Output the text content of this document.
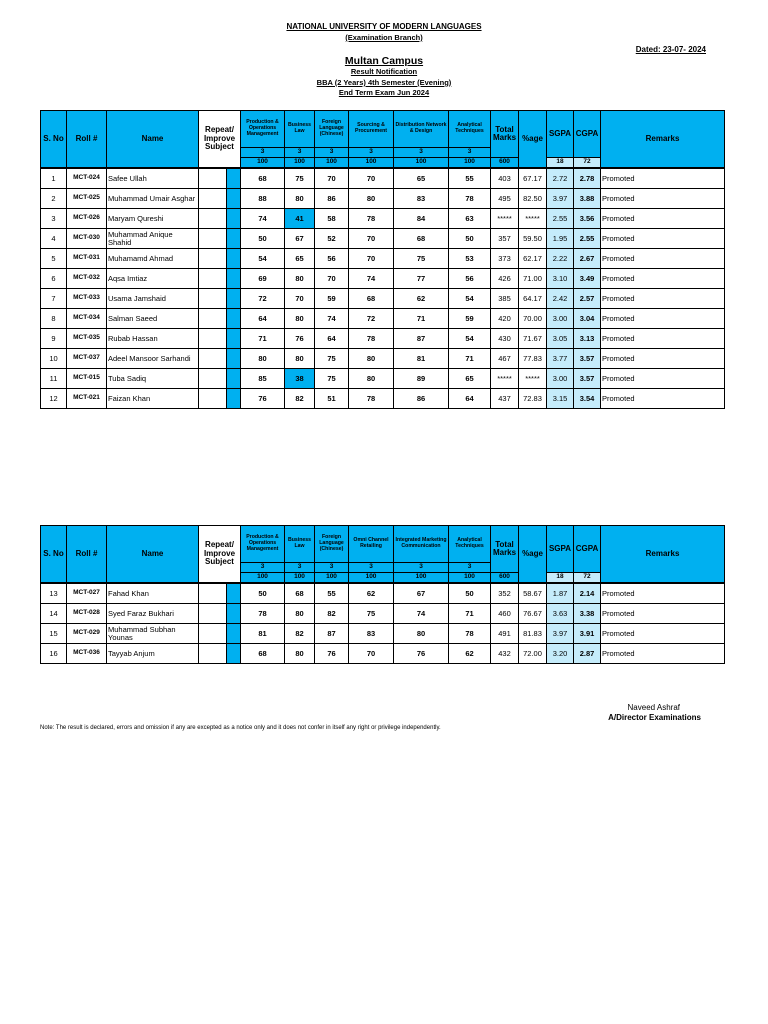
NATIONAL UNIVERSITY OF MODERN LANGUAGES
(Examination Branch)
Dated: 23-07- 2024
Multan Campus
Result Notification
BBA (2 Years) 4th Semester (Evening)
End Term Exam Jun 2024
S. No	Roll #	Name	Repeat/ Improve Subject		Production & Operations Management	Business Law	Foreign Language (Chinese)	Sourcing & Procurement	Distribution Network & Design	Analytical Techniques	Total Marks	%age	SGPA	CGPA	Remarks
					3	3	3	3	3	3					
					100	100	100	100	100	100	600		18	72	
1	MCT-024	Safee Ullah			68	75	70	70	65	55	403	67.17	2.72	2.78	Promoted
2	MCT-025	Muhammad Umair Asghar			88	80	86	80	83	78	495	82.50	3.97	3.88	Promoted
3	MCT-026	Maryam Qureshi			74	41	58	78	84	63	*****	*****	2.55	3.56	Promoted
4	MCT-030	Muhammad Anique Shahid			50	67	52	70	68	50	357	59.50	1.95	2.55	Promoted
5	MCT-031	Muhamamd Ahmad			54	65	56	70	75	53	373	62.17	2.22	2.67	Promoted
6	MCT-032	Aqsa Imtiaz			69	80	70	74	77	56	426	71.00	3.10	3.49	Promoted
7	MCT-033	Usama Jamshaid			72	70	59	68	62	54	385	64.17	2.42	2.57	Promoted
8	MCT-034	Salman Saeed			64	80	74	72	71	59	420	70.00	3.00	3.04	Promoted
9	MCT-035	Rubab Hassan			71	76	64	78	87	54	430	71.67	3.05	3.13	Promoted
10	MCT-037	Adeel Mansoor Sarhandi			80	80	75	80	81	71	467	77.83	3.77	3.57	Promoted
11	MCT-015	Tuba Sadiq			85	38	75	80	89	65	*****	*****	3.00	3.57	Promoted
12	MCT-021	Faizan Khan			76	82	51	78	86	64	437	72.83	3.15	3.54	Promoted
S. No	Roll #	Name	Repeat/ Improve Subject		Production & Operations Management	Business Law	Foreign Language (Chinese)	Omni Channel Retailing	Integrated Marketing Communication	Analytical Techniques	Total Marks	%age	SGPA	CGPA	Remarks
					3	3	3	3	3	3					
					100	100	100	100	100	100	600		18	72	
13	MCT-027	Fahad Khan			50	68	55	62	67	50	352	58.67	1.87	2.14	Promoted
14	MCT-028	Syed Faraz Bukhari			78	80	82	75	74	71	460	76.67	3.63	3.38	Promoted
15	MCT-029	Muhammad Subhan Younas			81	82	87	83	80	78	491	81.83	3.97	3.91	Promoted
16	MCT-036	Tayyab Anjum			68	80	76	70	76	62	432	72.00	3.20	2.87	Promoted
Naveed Ashraf
A/Director Examinations
Note: The result is declared, errors and omission if any are excepted as a notice only and it does not confer in itself any right or privilege independently.
